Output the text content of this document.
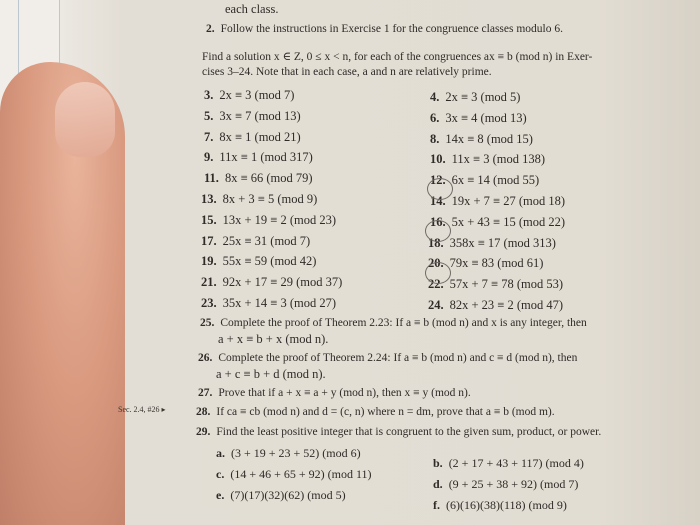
each class.
2. Follow the instructions in Exercise 1 for the congruence classes modulo 6.
Find a solution x ∈ Z, 0 ≤ x < n, for each of the congruences ax ≡ b (mod n) in Exer-
cises 3–24. Note that in each case, a and n are relatively prime.
3. 2x ≡ 3 (mod 7)	4. 2x ≡ 3 (mod 5)
5. 3x ≡ 7 (mod 13)	6. 3x ≡ 4 (mod 13)
7. 8x ≡ 1 (mod 21)	8. 14x ≡ 8 (mod 15)
9. 11x ≡ 1 (mod 317)	10. 11x ≡ 3 (mod 138)
11. 8x ≡ 66 (mod 79)	12. 6x ≡ 14 (mod 55)
13. 8x + 3 ≡ 5 (mod 9)	14. 19x + 7 ≡ 27 (mod 18)
15. 13x + 19 ≡ 2 (mod 23)	16. 5x + 43 ≡ 15 (mod 22)
17. 25x ≡ 31 (mod 7)	18. 358x ≡ 17 (mod 313)
19. 55x ≡ 59 (mod 42)	20. 79x ≡ 83 (mod 61)
21. 92x + 17 ≡ 29 (mod 37)	22. 57x + 7 ≡ 78 (mod 53)
23. 35x + 14 ≡ 3 (mod 27)	24. 82x + 23 ≡ 2 (mod 47)
25. Complete the proof of Theorem 2.23: If a ≡ b (mod n) and x is any integer, then
a + x ≡ b + x (mod n).
26. Complete the proof of Theorem 2.24: If a ≡ b (mod n) and c ≡ d (mod n), then
a + c ≡ b + d (mod n).
27. Prove that if a + x ≡ a + y (mod n), then x ≡ y (mod n).
Sec. 2.4, #26 ▸	28. If ca ≡ cb (mod n) and d = (c, n) where n = dm, prove that a ≡ b (mod m).
29. Find the least positive integer that is congruent to the given sum, product, or power.
a. (3 + 19 + 23 + 52) (mod 6)
b. (2 + 17 + 43 + 117) (mod 4)
c. (14 + 46 + 65 + 92) (mod 11)
d. (9 + 25 + 38 + 92) (mod 7)
e. (7)(17)(32)(62) (mod 5)
f. (6)(16)(38)(118) (mod 9)
